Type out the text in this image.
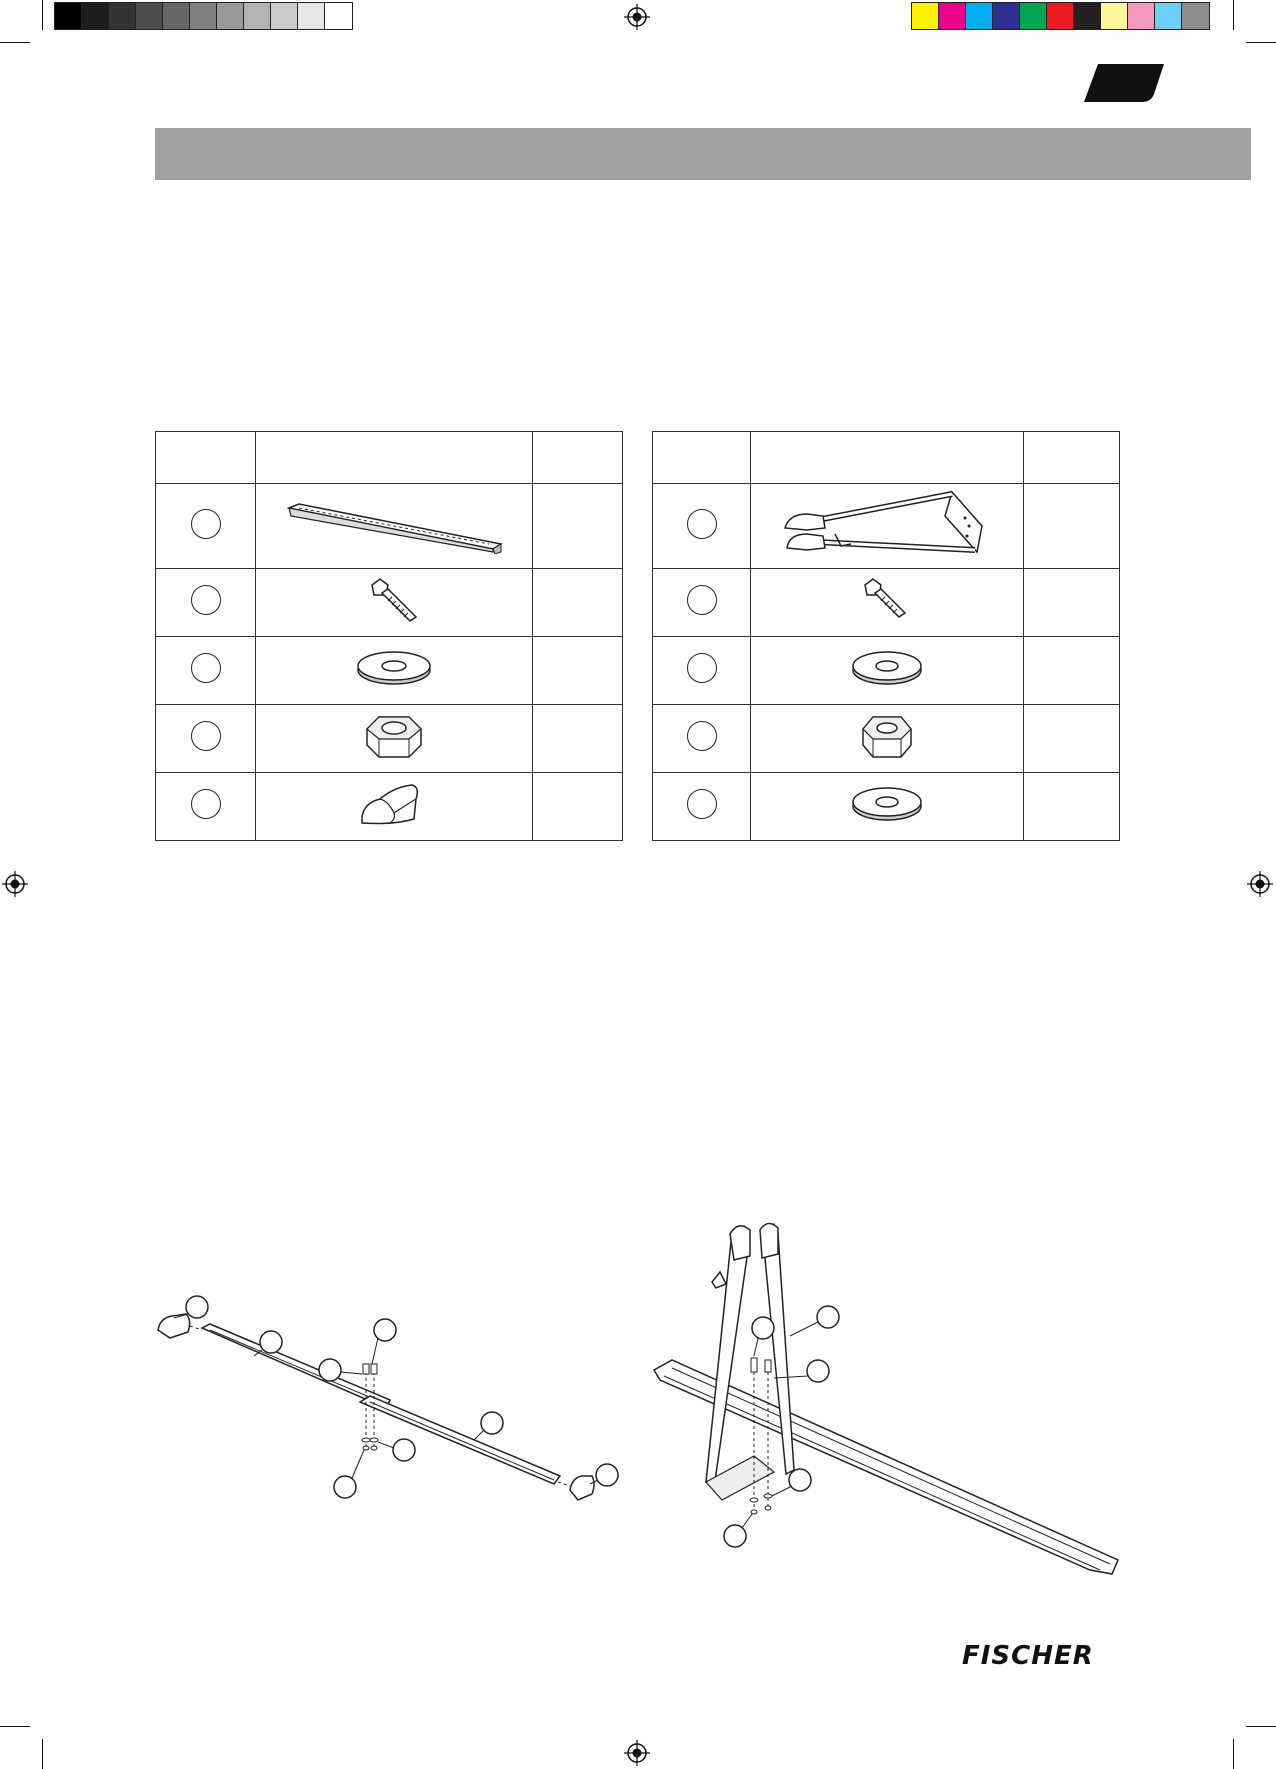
FISCHER
